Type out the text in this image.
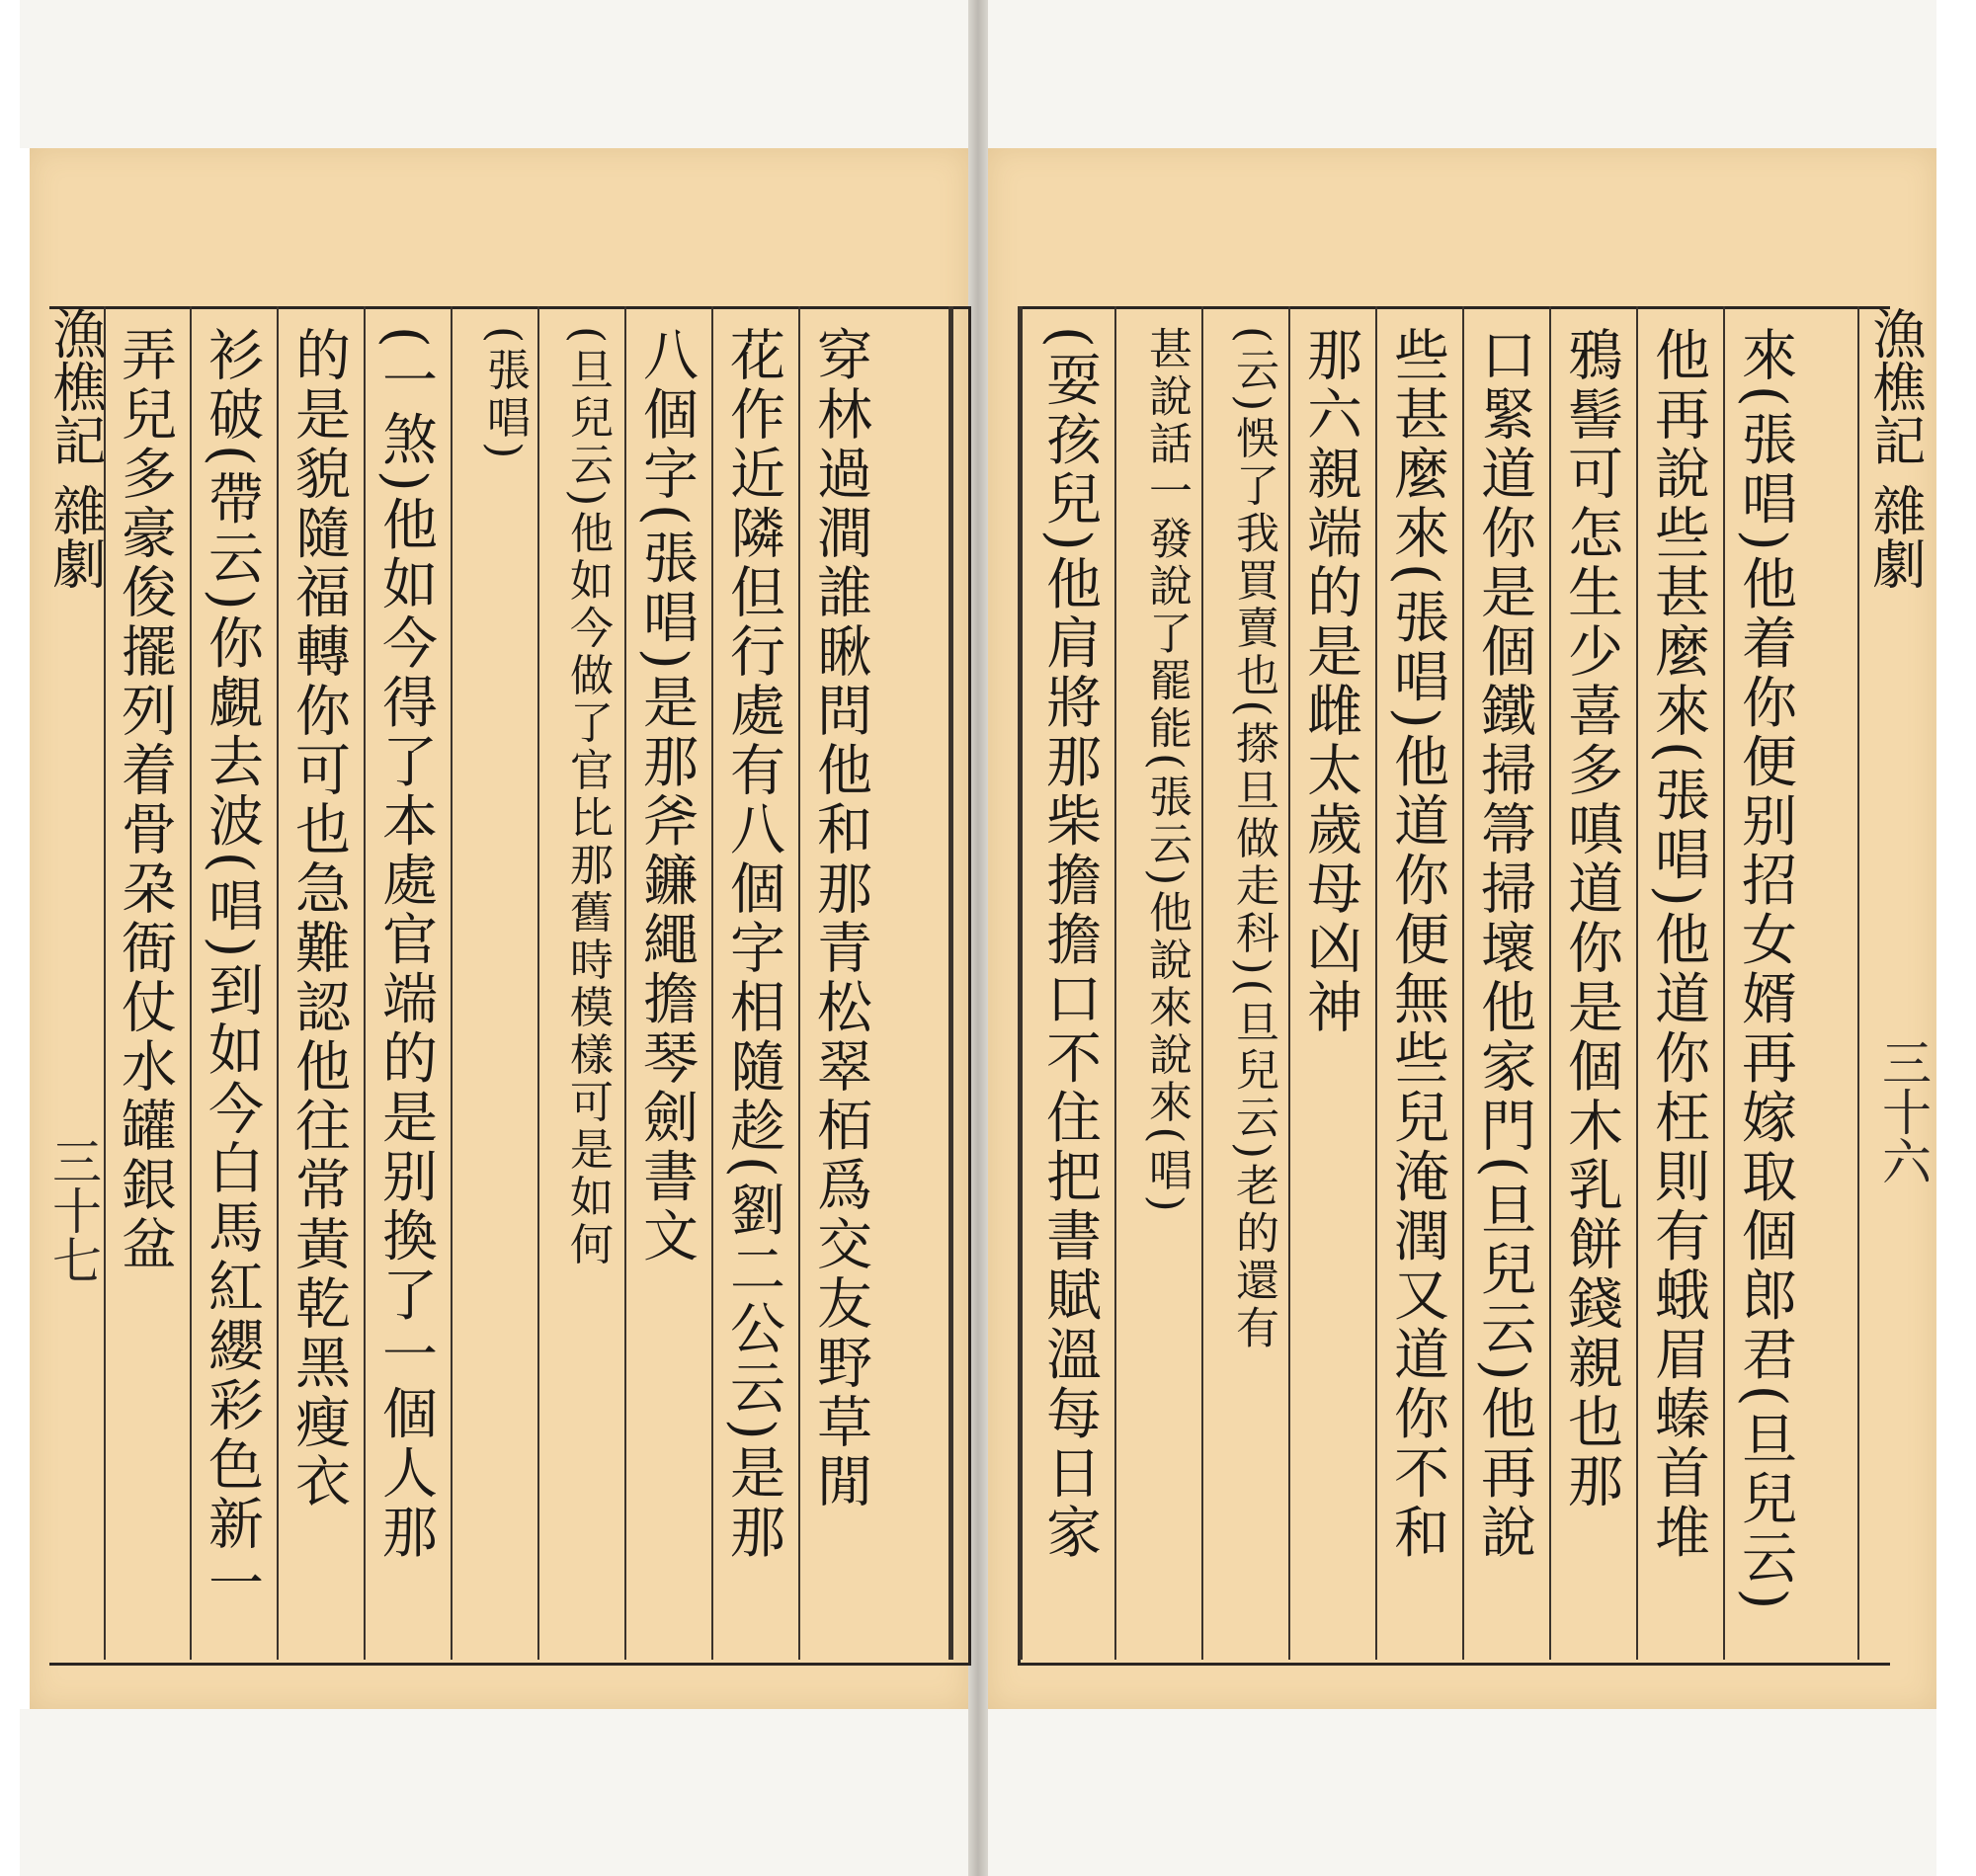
漁樵記 雜劇
三十七 弄兒多豪俊擺列着骨朶衙仗水罐銀盆 衫破(帶云)你覷去波(唱)到如今白馬紅纓彩色新一 的是貌隨福轉你可也急難認他往常黃乾黑瘦衣 (一煞)他如今得了本處官端的是别換了一個人那 (張唱) (旦兒云)他如今做了官比那舊時模樣可是如何 八個字(張唱)是那斧鐮繩擔琴劍書文 花作近隣但行處有八個字相隨趁(劉二公云)是那 穿林過澗誰瞅問他和那青松翠栢爲交友野草閒	漁樵記 雜劇
三十六
(耍孩兒)他肩將那柴擔擔口不住把書賦溫每日家 甚說話一發說了罷能(張云)他說來說來(唱) (云)悞了我買賣也(搽旦做走科)(旦兒云)老的還有 那六親端的是雌太歲母凶神 些甚麼來(張唱)他道你便無些兒淹潤又道你不和 口緊道你是個鐵掃箒掃壞他家門(旦兒云)他再說 鴉髻可怎生少喜多嗔道你是個木乳餅錢親也那 他再說些甚麼來(張唱)他道你枉則有蛾眉螓首堆 來(張唱)他着你便别招女婿再嫁取個郎君(旦兒云)
